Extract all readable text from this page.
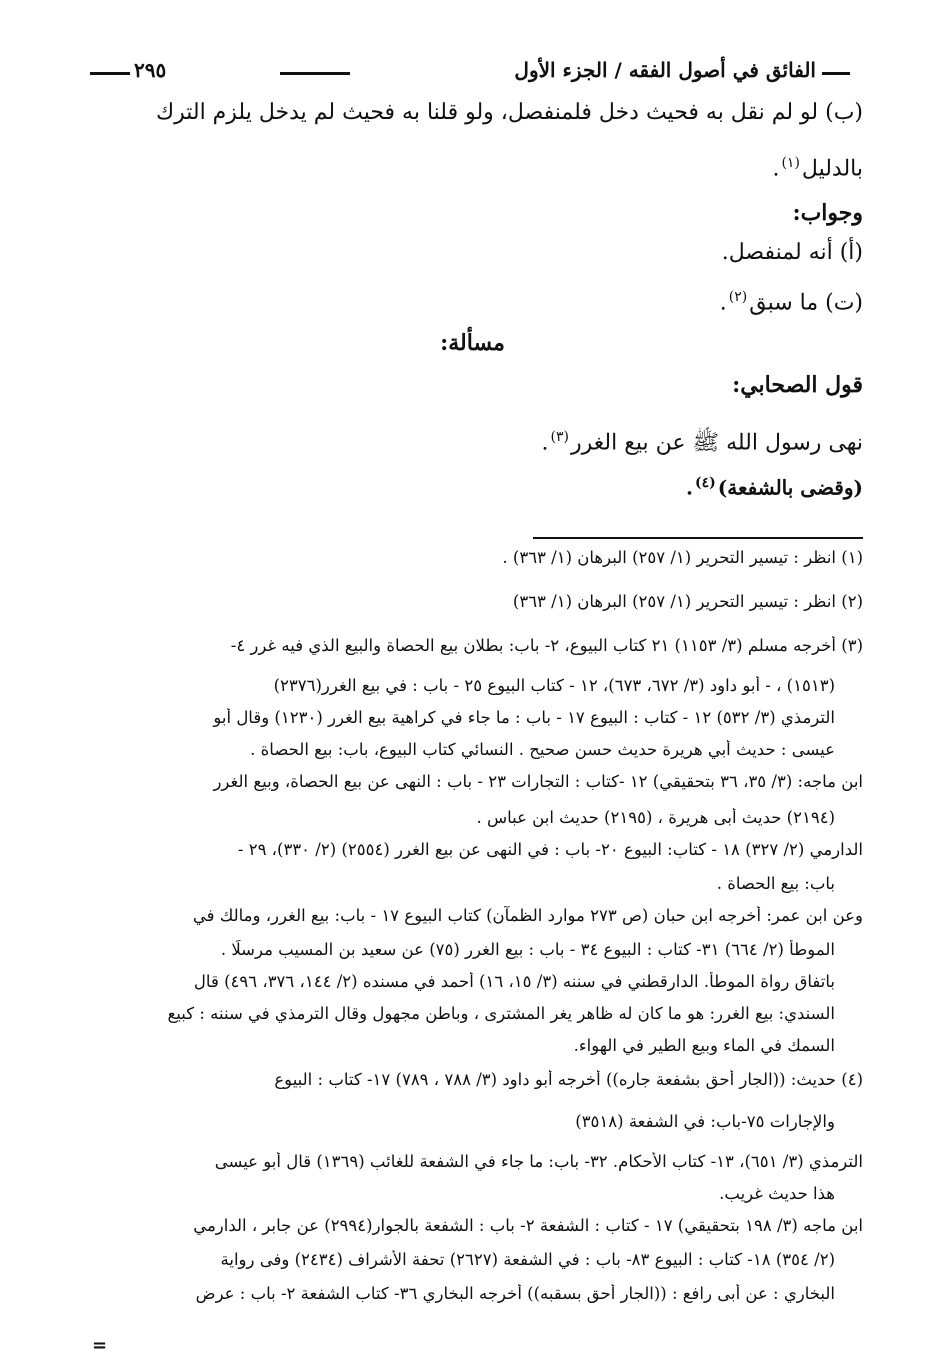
الفائق في أصول الفقه / الجزء الأول
٢٩٥
(ب) لو لم نقل به فحيث دخل فلمنفصل، ولو قلنا به فحيث لم يدخل يلزم الترك
بالدليل$^{(١)}$.
وجواب:
(أ) أنه لمنفصل.
(ت) ما سبق$^{(٢)}$.
مسألة:
قول الصحابي:
نهى رسول الله ﷺ عن بيع الغرر$^{(٣)}$.
(وقضى بالشفعة)$^{(٤)}$.
(١) انظر : تيسير التحرير (١/ ٢٥٧) البرهان (١/ ٣٦٣) .
(٢) انظر : تيسير التحرير (١/ ٢٥٧) البرهان (١/ ٣٦٣)
(٣) أخرجه مسلم (٣/ ١١٥٣) ٢١ كتاب البيوع، ٢- باب: بطلان بيع الحصاة والبيع الذي فيه غرر ٤-
(١٥١٣) ، - أبو داود (٣/ ٦٧٢، ٦٧٣)، ١٢ - كتاب البيوع ٢٥ - باب : في بيع الغرر(٢٣٧٦)
الترمذي (٣/ ٥٣٢) ١٢ - كتاب : البيوع ١٧ - باب : ما جاء في كراهية بيع الغرر (١٢٣٠) وقال أبو
عيسى : حديث أبي هريرة حديث حسن صحيح . النسائي كتاب البيوع، باب: بيع الحصاة .
ابن ماجه: (٣/ ٣٥، ٣٦ بتحقيقي) ١٢ -كتاب : التجارات ٢٣ - باب : النهى عن بيع الحصاة، وبيع الغرر
(٢١٩٤) حديث أبى هريرة ، (٢١٩٥) حديث ابن عباس .
الدارمي (٢/ ٣٢٧) ١٨ - كتاب: البيوع ٢٠- باب : في النهى عن بيع الغرر (٢٥٥٤) (٢/ ٣٣٠)، ٢٩ -
باب: بيع الحصاة .
وعن ابن عمر: أخرجه ابن حبان (ص ٢٧٣ موارد الظمآن) كتاب البيوع ١٧ - باب: بيع الغرر، ومالك في
الموطأ (٢/ ٦٦٤) ٣١- كتاب : البيوع ٣٤ - باب : بيع الغرر (٧٥) عن سعيد بن المسيب مرسلًا .
باتفاق رواة الموطأ. الدارقطني في سننه (٣/ ١٥، ١٦) أحمد في مسنده (٢/ ١٤٤، ٣٧٦، ٤٩٦) قال
السندي: بيع الغرر: هو ما كان له ظاهر يغر المشترى ، وباطن مجهول وقال الترمذي في سننه : كبيع
السمك في الماء وبيع الطير في الهواء.
(٤) حديث: ((الجار أحق بشفعة جاره)) أخرجه أبو داود (٣/ ٧٨٨ ، ٧٨٩) ١٧- كتاب : البيوع
والإجارات ٧٥-باب: في الشفعة (٣٥١٨)
الترمذي (٣/ ٦٥١)، ١٣- كتاب الأحكام. ٣٢- باب: ما جاء في الشفعة للغائب (١٣٦٩) قال أبو عيسى
هذا حديث غريب.
ابن ماجه (٣/ ١٩٨ بتحقيقي) ١٧ - كتاب : الشفعة ٢- باب : الشفعة بالجوار(٢٩٩٤) عن جابر ، الدارمي
(٢/ ٣٥٤) ١٨- كتاب : البيوع ٨٣- باب : في الشفعة (٢٦٢٧) تحفة الأشراف (٢٤٣٤) وفى رواية
البخاري : عن أبى رافع : ((الجار أحق بسقبه)) أخرجه البخاري ٣٦- كتاب الشفعة ٢- باب : عرض
=
